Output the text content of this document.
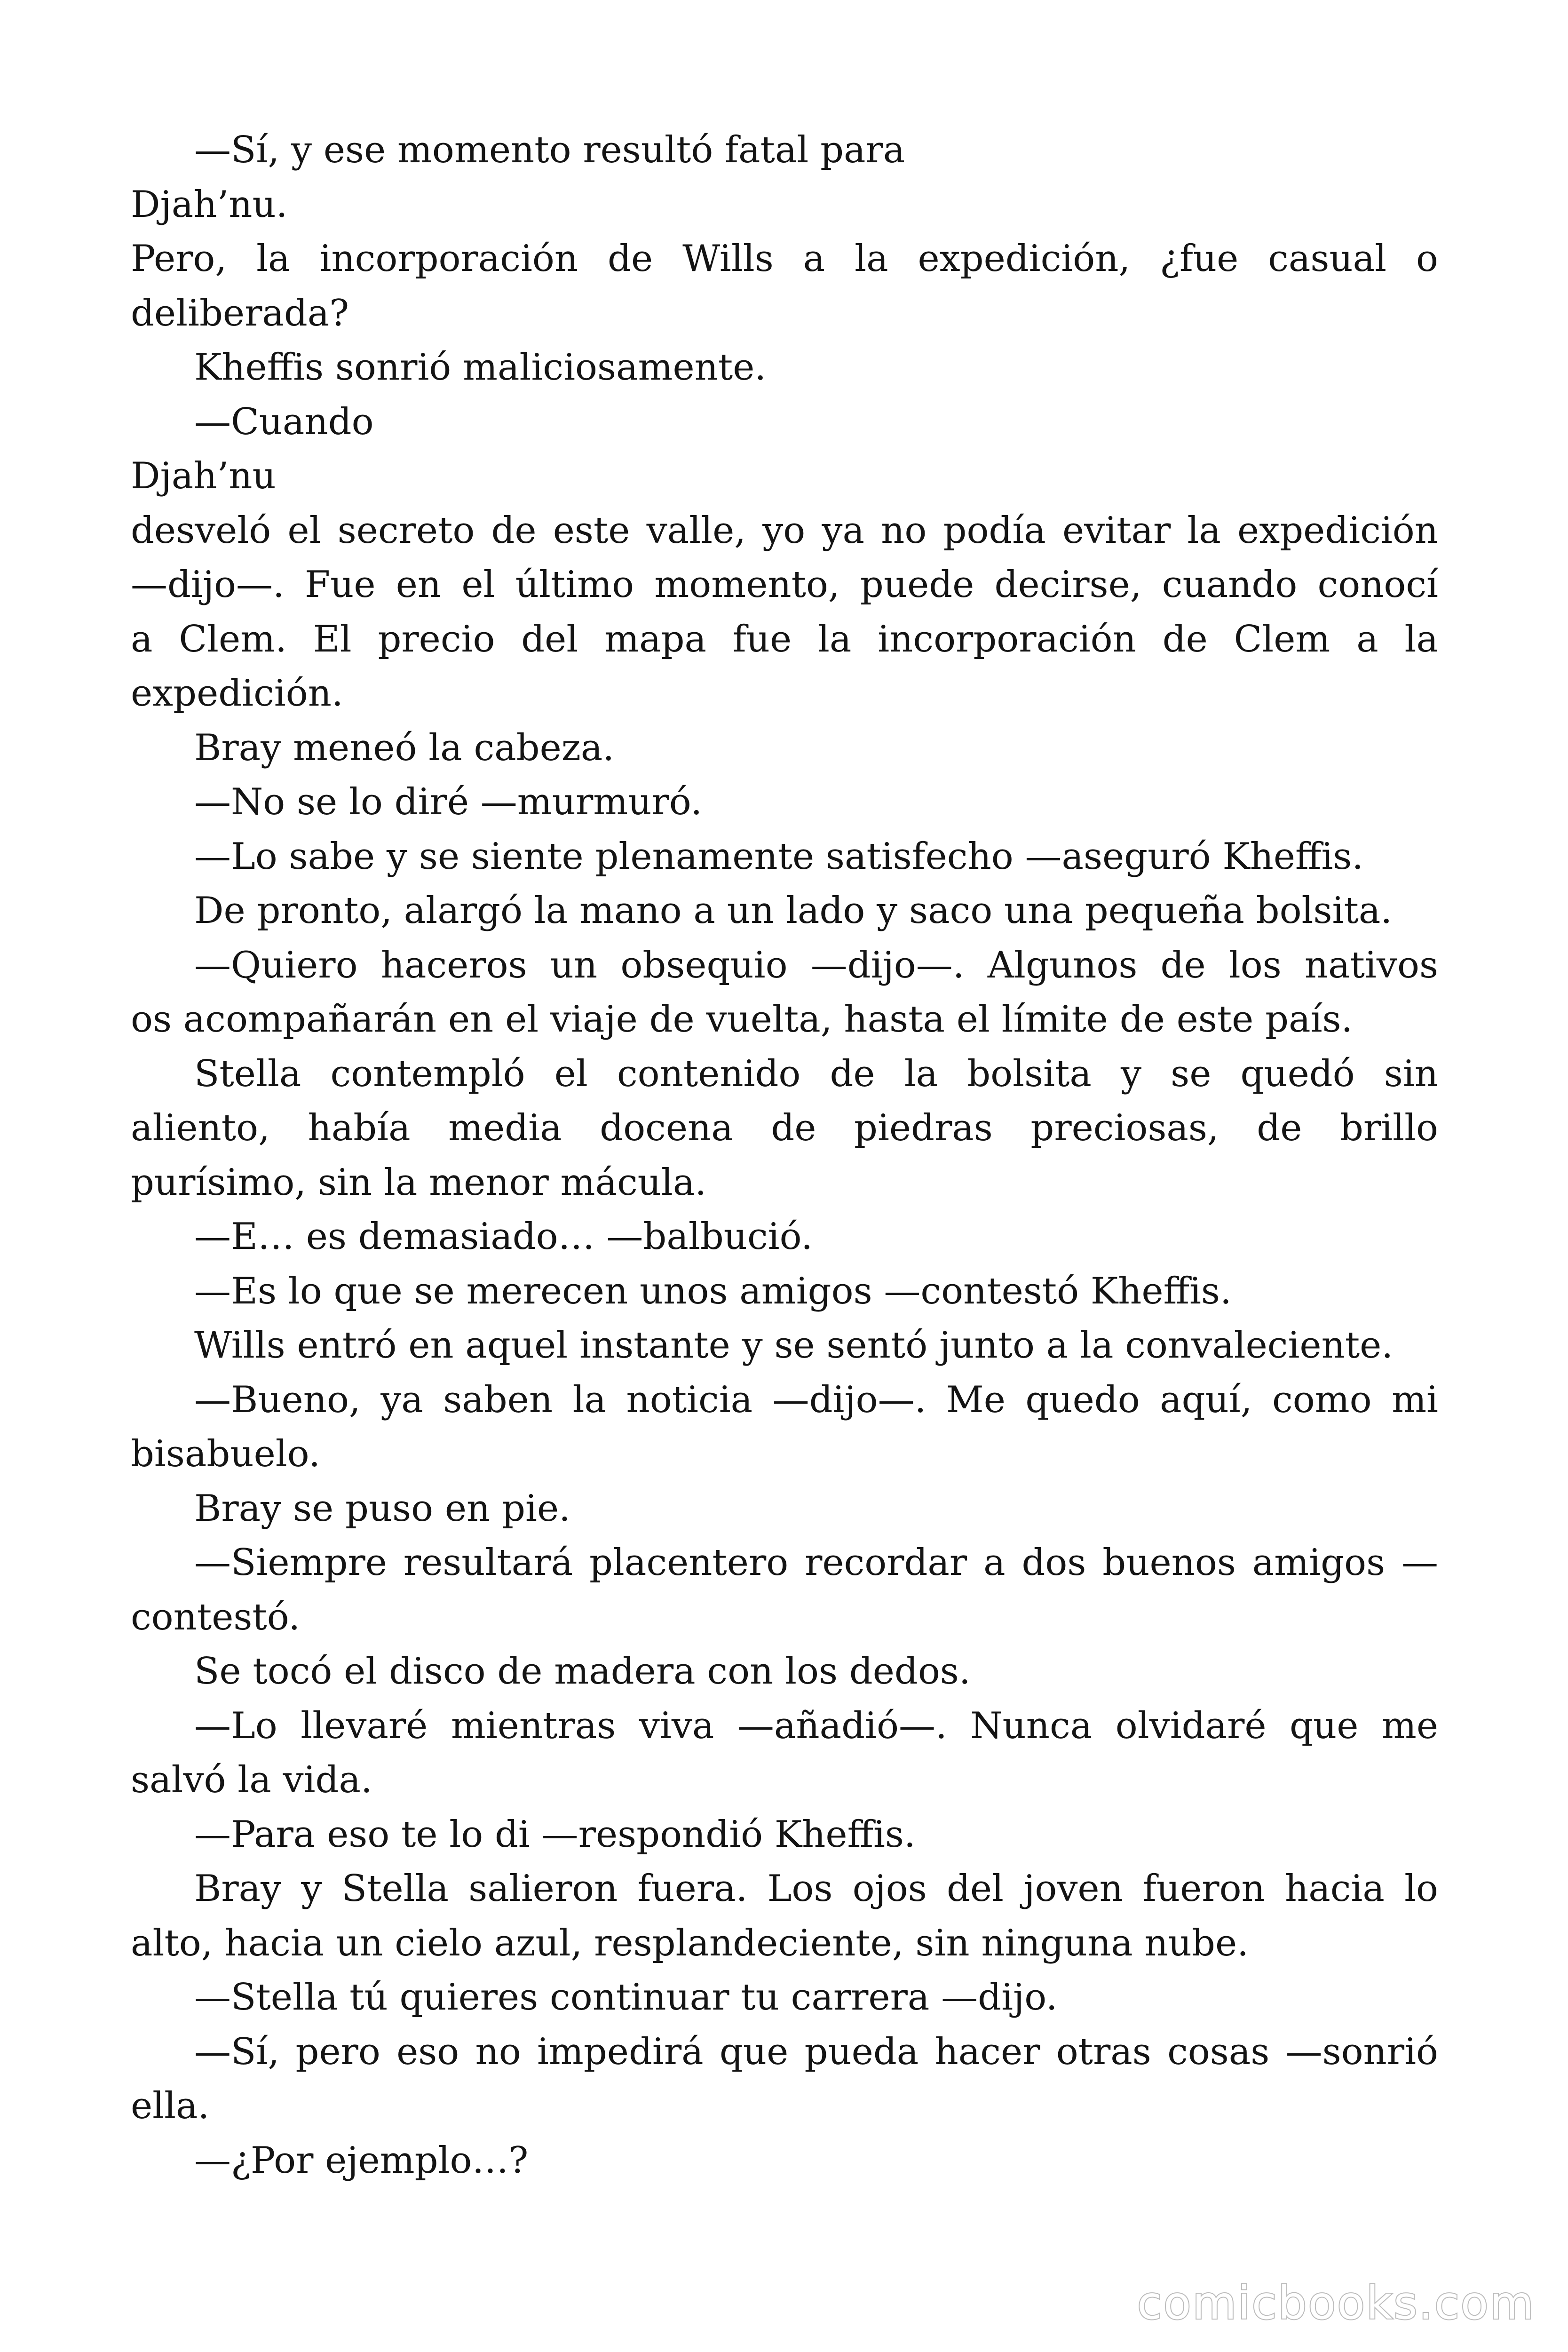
—Sí, y ese momento resultó fatal para
Djah’nu.
Pero, la incorporación de Wills a la expedición, ¿fue casual o
deliberada?
Kheffis sonrió maliciosamente.
—Cuando
Djah’nu
desveló el secreto de este valle, yo ya no podía evitar la expedición
—dijo—. Fue en el último momento, puede decirse, cuando conocí
a Clem. El precio del mapa fue la incorporación de Clem a la
expedición.
Bray meneó la cabeza.
—No se lo diré —murmuró.
—Lo sabe y se siente plenamente satisfecho —aseguró Kheffis.
De pronto, alargó la mano a un lado y saco una pequeña bolsita.
—Quiero haceros un obsequio —dijo—. Algunos de los nativos
os acompañarán en el viaje de vuelta, hasta el límite de este país.
Stella contempló el contenido de la bolsita y se quedó sin
aliento, había media docena de piedras preciosas, de brillo
purísimo, sin la menor mácula.
—E… es demasiado… —balbució.
—Es lo que se merecen unos amigos —contestó Kheffis.
Wills entró en aquel instante y se sentó junto a la convaleciente.
—Bueno, ya saben la noticia —dijo—. Me quedo aquí, como mi
bisabuelo.
Bray se puso en pie.
—Siempre resultará placentero recordar a dos buenos amigos —
contestó.
Se tocó el disco de madera con los dedos.
—Lo llevaré mientras viva —añadió—. Nunca olvidaré que me
salvó la vida.
—Para eso te lo di —respondió Kheffis.
Bray y Stella salieron fuera. Los ojos del joven fueron hacia lo
alto, hacia un cielo azul, resplandeciente, sin ninguna nube.
—Stella tú quieres continuar tu carrera —dijo.
—Sí, pero eso no impedirá que pueda hacer otras cosas —sonrió
ella.
—¿Por ejemplo…?
comicbooks.com
